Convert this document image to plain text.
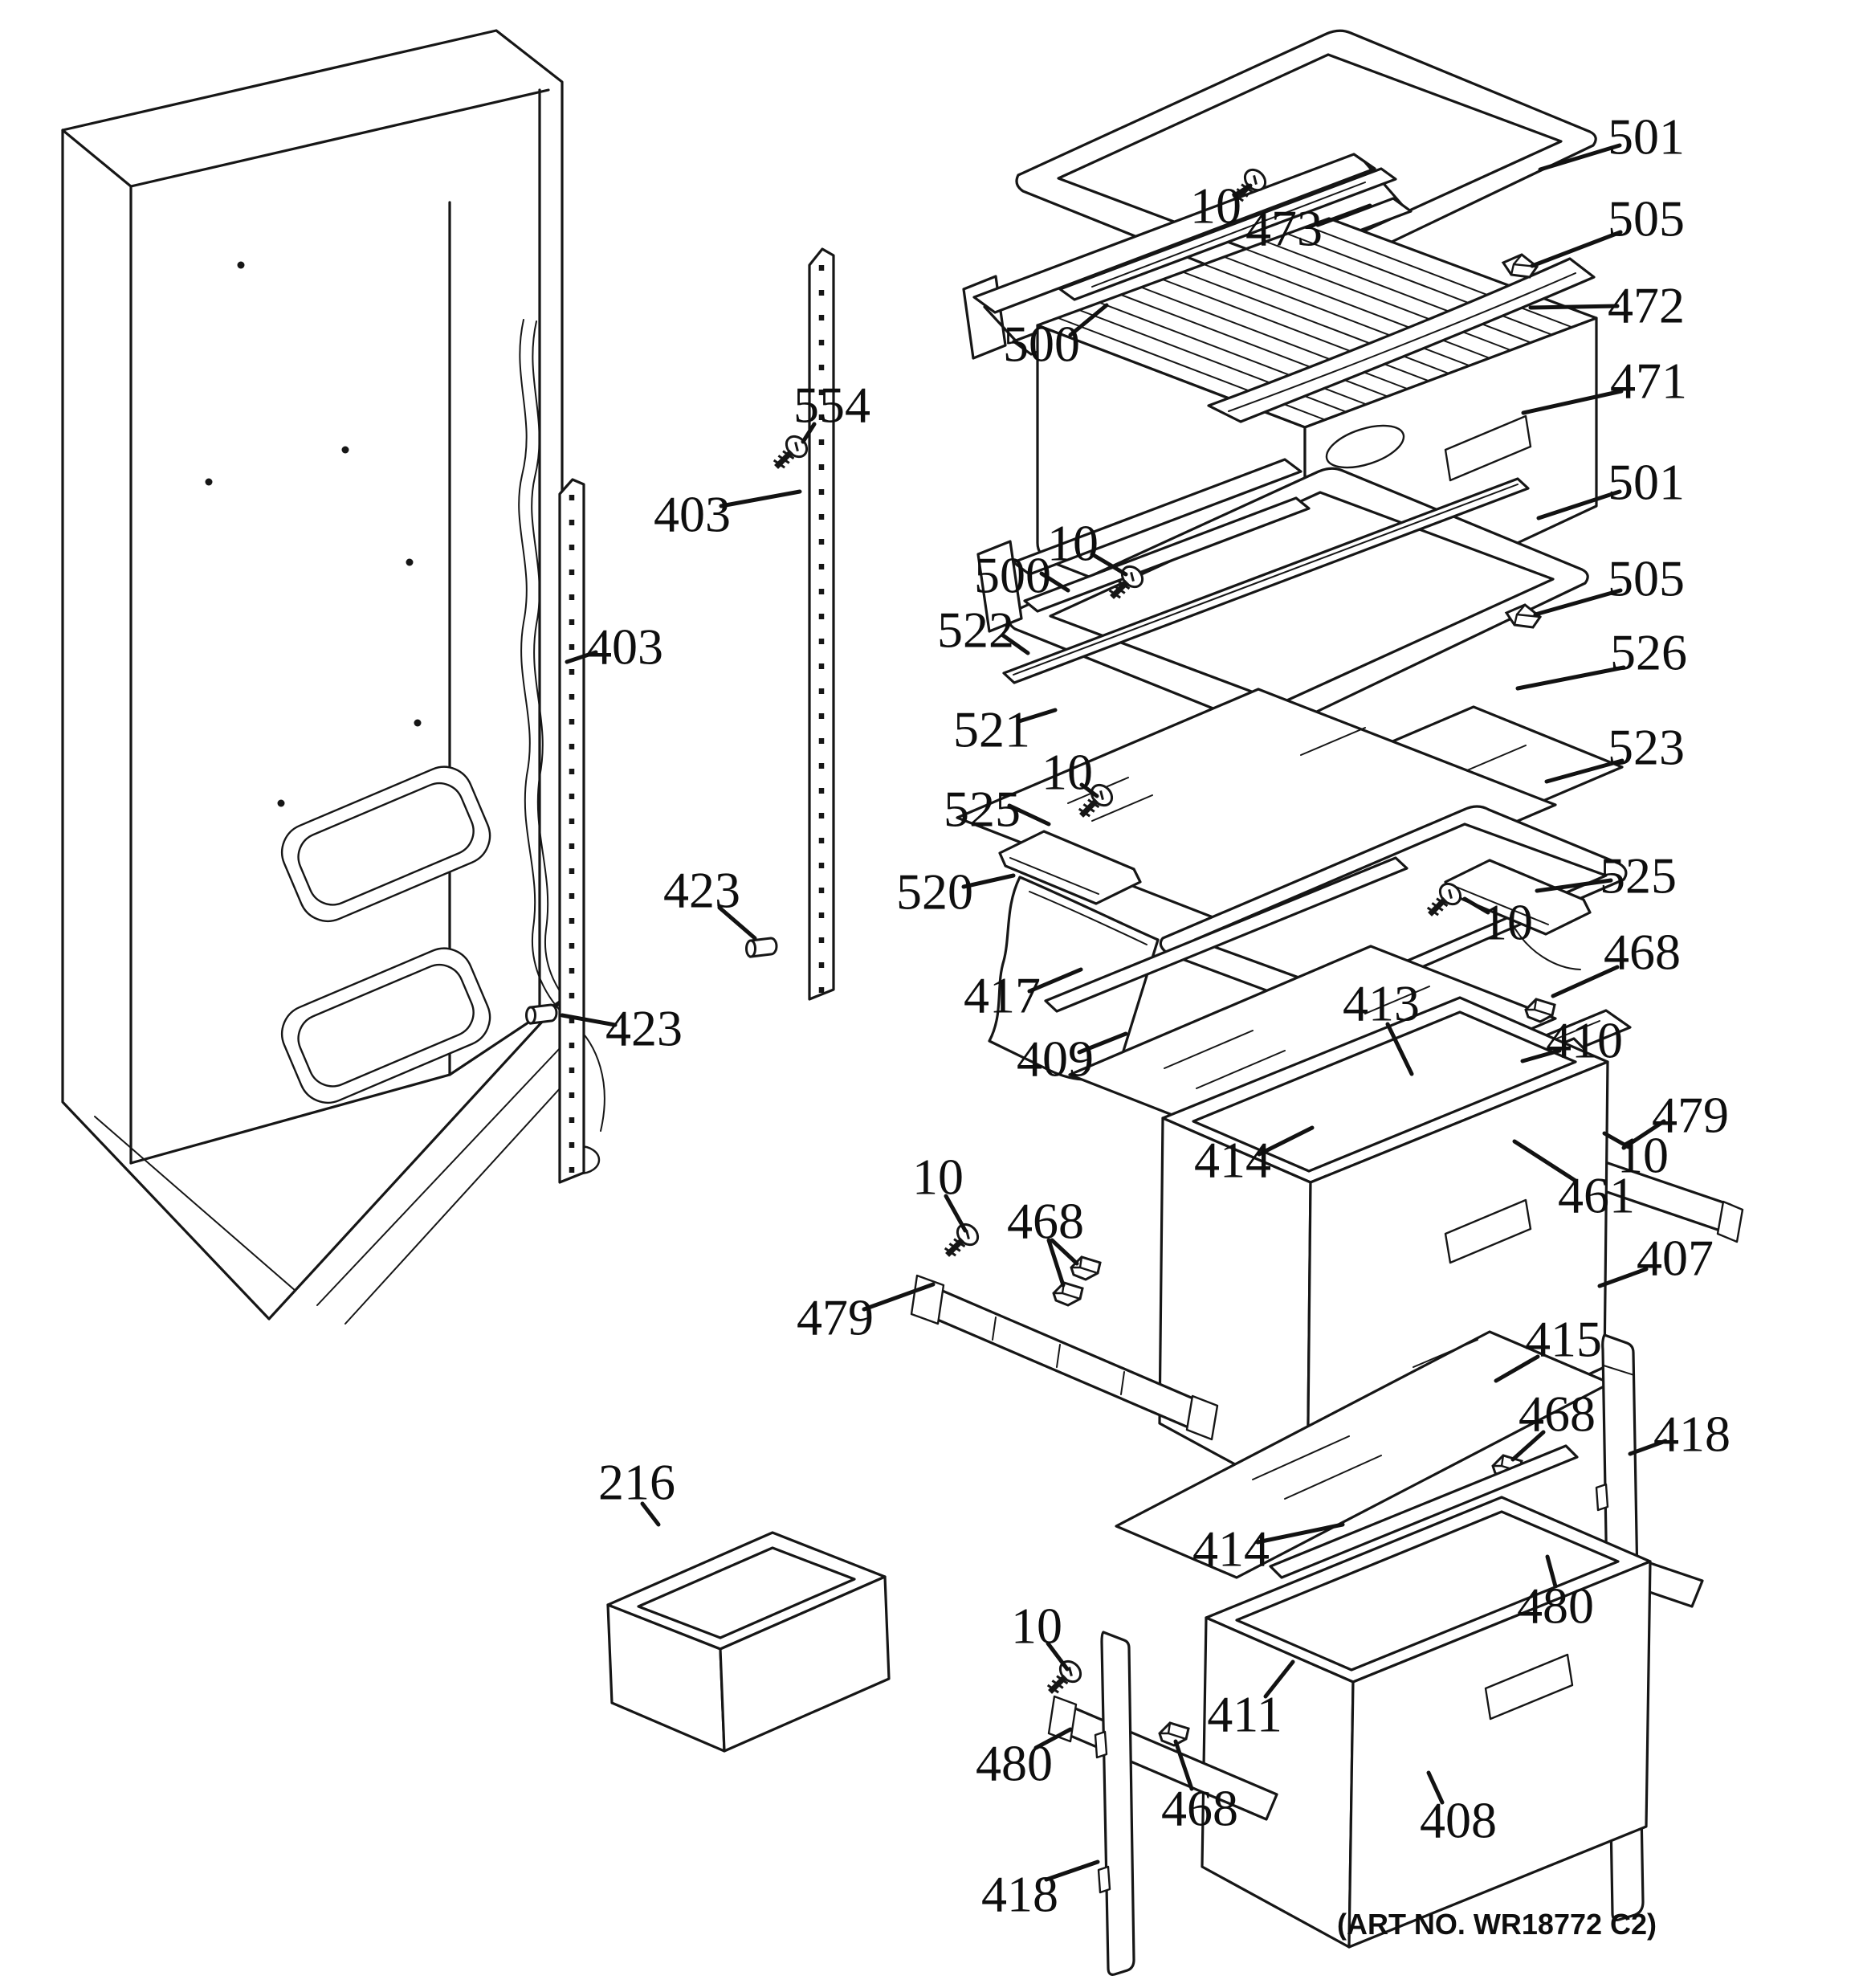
501
505
472
471
10 473
500
501
10
500	505
522	526
521	523
10
525
525
520
10
468
417	413
410
409
479
10
414
10	461
468
407
479	415
468 418
414
480
10
411
480
468	408
418
554
403
403
423
423
216
(ART NO. WR18772 C2)
